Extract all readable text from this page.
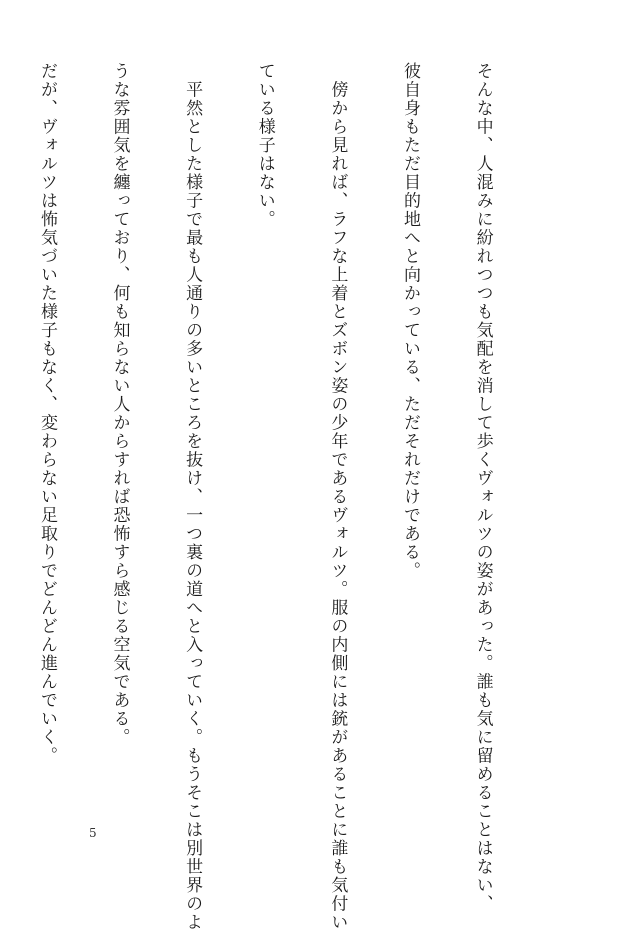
そんな中、人混みに紛れつつも気配を消して歩くヴォルツの姿があった。誰も気に留めることはない、

彼自身もただ目的地へと向かっている、ただそれだけである。

　傍から見れば、ラフな上着とズボン姿の少年であるヴォルツ。服の内側には銃があることに誰も気付い

ている様子はない。

　平然とした様子で最も人通りの多いところを抜け、一つ裏の道へと入っていく。もうそこは別世界のよ

うな雰囲気を纏っており、何も知らない人からすれば恐怖すら感じる空気である。

だが、ヴォルツは怖気づいた様子もなく、変わらない足取りでどんどん進んでいく。

5
